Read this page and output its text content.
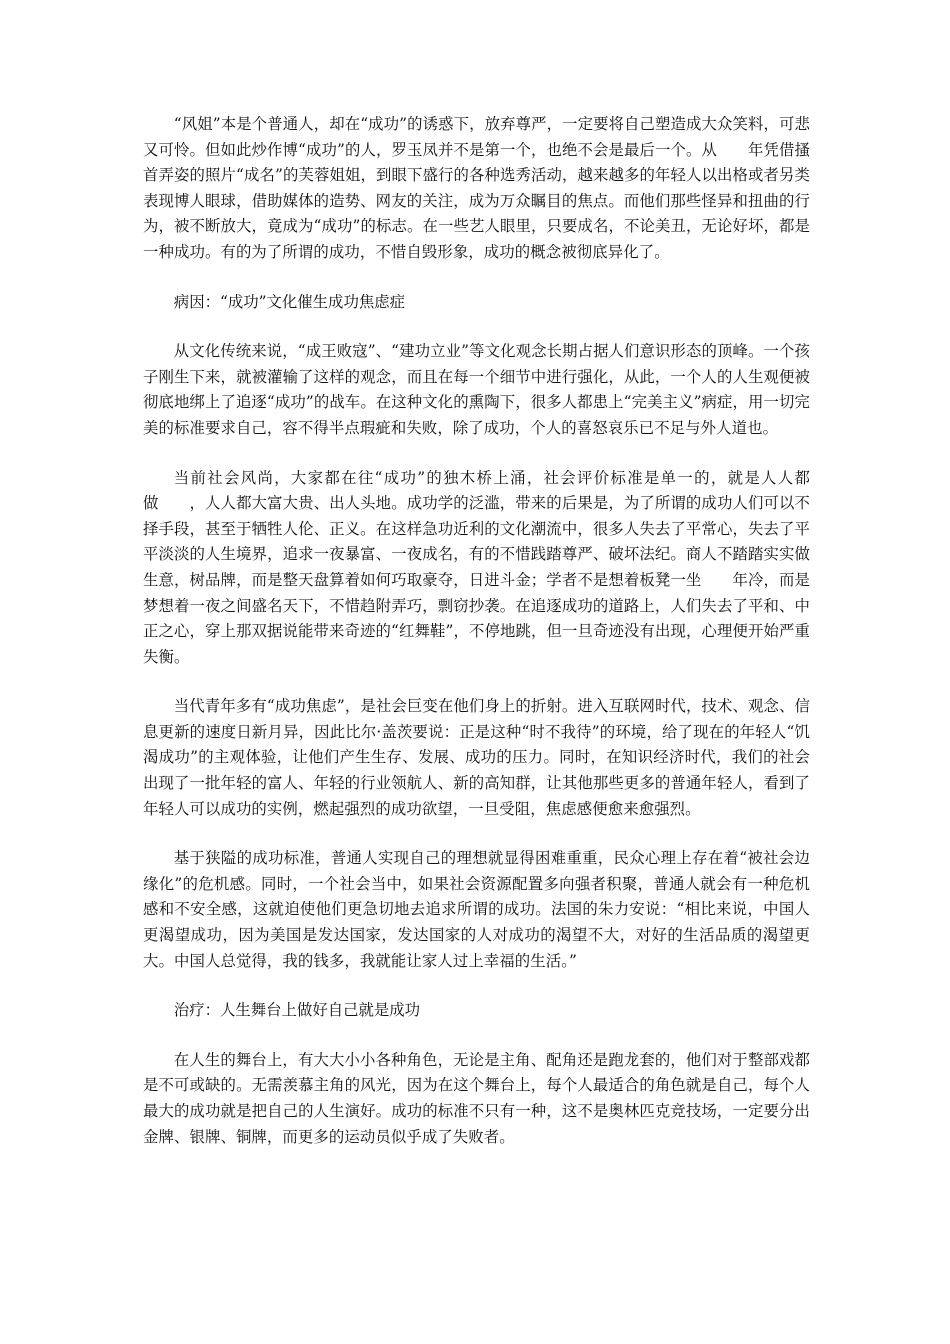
“风姐”本是个普通人，却在“成功”的诱惑下，放弃尊严，一定要将自己塑造成大众笑料，可悲又可怜。但如此炒作博“成功”的人，罗玉凤并不是第一个，也绝不会是最后一个。从　　年凭借搔首弄姿的照片“成名”的芙蓉姐姐，到眼下盛行的各种选秀活动，越来越多的年轻人以出格或者另类表现博人眼球，借助媒体的造势、网友的关注，成为万众瞩目的焦点。而他们那些怪异和扭曲的行为，被不断放大，竟成为“成功”的标志。在一些艺人眼里，只要成名，不论美丑，无论好坏，都是一种成功。有的为了所谓的成功，不惜自毁形象，成功的概念被彻底异化了。

病因：“成功”文化催生成功焦虑症

从文化传统来说，“成王败寇”、“建功立业”等文化观念长期占据人们意识形态的顶峰。一个孩子刚生下来，就被灌输了这样的观念，而且在每一个细节中进行强化，从此，一个人的人生观便被彻底地绑上了追逐“成功”的战车。在这种文化的熏陶下，很多人都患上“完美主义”病症，用一切完美的标准要求自己，容不得半点瑕疵和失败，除了成功，个人的喜怒哀乐已不足与外人道也。

当前社会风尚，大家都在往“成功”的独木桥上涌，社会评价标准是单一的，就是人人都做　　，人人都大富大贵、出人头地。成功学的泛滥，带来的后果是，为了所谓的成功人们可以不择手段，甚至于牺牲人伦、正义。在这样急功近利的文化潮流中，很多人失去了平常心，失去了平平淡淡的人生境界，追求一夜暴富、一夜成名，有的不惜践踏尊严、破坏法纪。商人不踏踏实实做生意，树品牌，而是整天盘算着如何巧取豪夺，日进斗金；学者不是想着板凳一坐　　年冷，而是梦想着一夜之间盛名天下，不惜趋附弄巧，剽窃抄袭。在追逐成功的道路上，人们失去了平和、中正之心，穿上那双据说能带来奇迹的“红舞鞋”，不停地跳，但一旦奇迹没有出现，心理便开始严重失衡。

当代青年多有“成功焦虑”，是社会巨变在他们身上的折射。进入互联网时代，技术、观念、信息更新的速度日新月异，因此比尔·盖茨要说：正是这种“时不我待”的环境，给了现在的年轻人“饥渴成功”的主观体验，让他们产生生存、发展、成功的压力。同时，在知识经济时代，我们的社会出现了一批年轻的富人、年轻的行业领航人、新的高知群，让其他那些更多的普通年轻人，看到了年轻人可以成功的实例，燃起强烈的成功欲望，一旦受阻，焦虑感便愈来愈强烈。

基于狭隘的成功标准，普通人实现自己的理想就显得困难重重，民众心理上存在着“被社会边缘化”的危机感。同时，一个社会当中，如果社会资源配置多向强者积聚，普通人就会有一种危机感和不安全感，这就迫使他们更急切地去追求所谓的成功。法国的朱力安说：“相比来说，中国人更渴望成功，因为美国是发达国家，发达国家的人对成功的渴望不大，对好的生活品质的渴望更大。中国人总觉得，我的钱多，我就能让家人过上幸福的生活。”

治疗：人生舞台上做好自己就是成功

在人生的舞台上，有大大小小各种角色，无论是主角、配角还是跑龙套的，他们对于整部戏都是不可或缺的。无需羡慕主角的风光，因为在这个舞台上，每个人最适合的角色就是自己，每个人最大的成功就是把自己的人生演好。成功的标准不只有一种，这不是奥林匹克竞技场，一定要分出金牌、银牌、铜牌，而更多的运动员似乎成了失败者。
